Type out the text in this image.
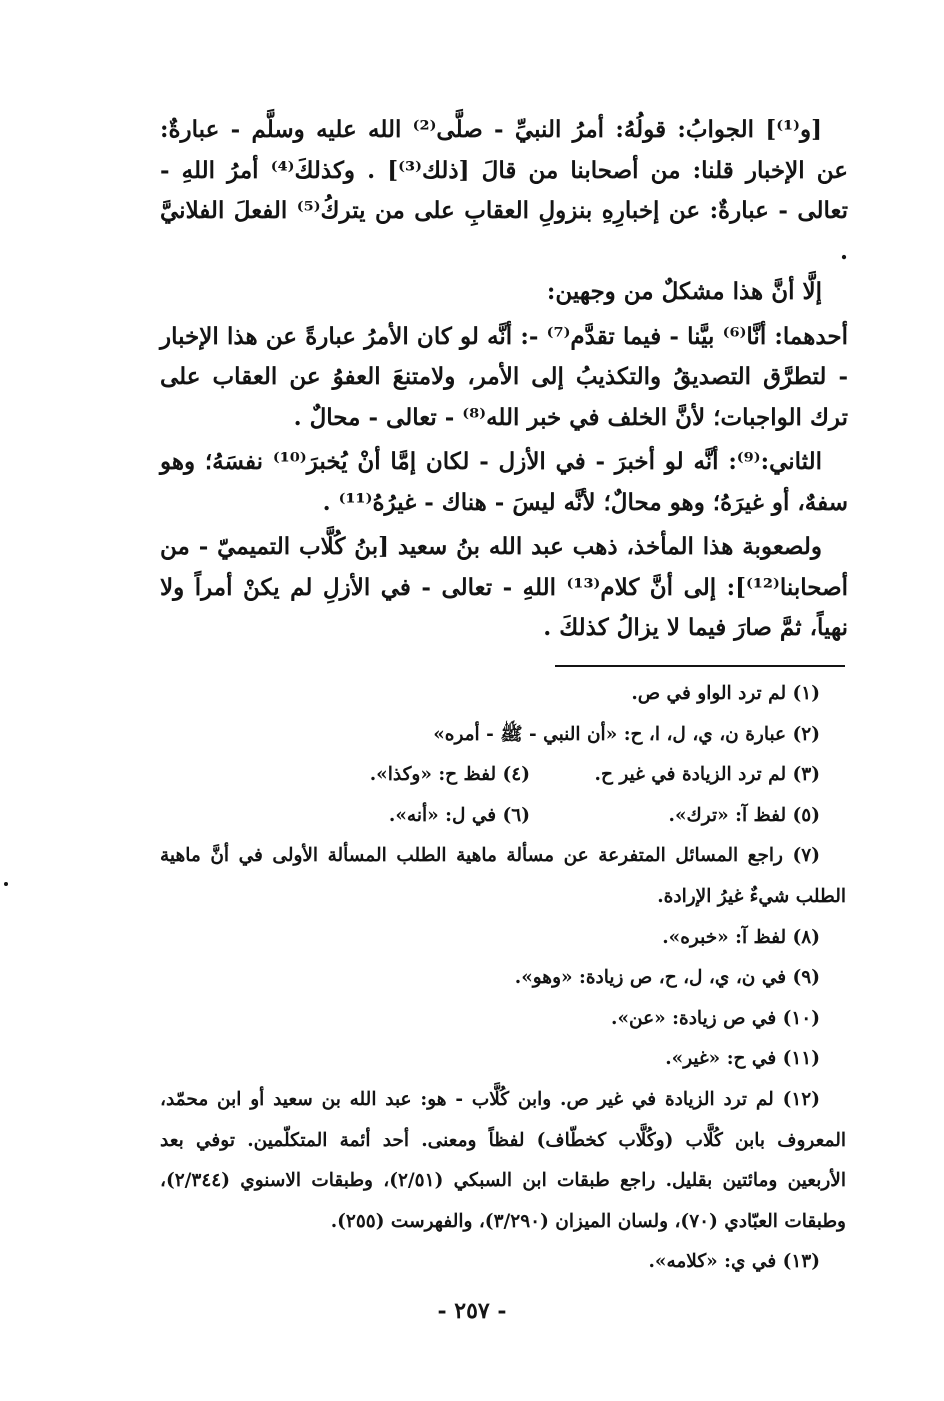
[و⁽¹⁾] الجوابُ: قولُهُ: أمرُ النبيِّ - صلَّى⁽²⁾ الله عليه وسلَّم - عبارةٌ: عن الإخبار قلنا: من أصحابنا من قالَ [ذلك⁽³⁾] . وكذلكَ⁽⁴⁾ أمرُ اللهِ - تعالى - عبارةٌ: عن إخبارِهِ بنزولِ العقابِ على من يتركُ⁽⁵⁾ الفعلَ الفلانيَّ .

إلَّا أنَّ هذا مشكلٌ من وجهين:

أحدهما: أنَّا⁽⁶⁾ بيَّنا - فيما تقدَّم⁽⁷⁾ -: أنَّه لو كان الأمرُ عبارةً عن هذا الإخبار - لتطرَّق التصديقُ والتكذيبُ إلى الأمر، ولامتنعَ العفوُ عن العقاب على ترك الواجبات؛ لأنَّ الخلف في خبر الله⁽⁸⁾ - تعالى - محالٌ .

الثاني:⁽⁹⁾: أنَّه لو أخبرَ - في الأزل - لكان إمَّا أنْ يُخبرَ⁽¹⁰⁾ نفسَهُ؛ وهو سفهٌ، أو غيرَهُ؛ وهو محالٌ؛ لأنَّه ليسَ - هناك - غيرُهُ⁽¹¹⁾ .

ولصعوبة هذا المأخذ، ذهب عبد الله بنُ سعيد [بنُ كُلَّاب التميميّ - من أصحابنا⁽¹²⁾]: إلى أنَّ كلام⁽¹³⁾ اللهِ - تعالى - في الأزلِ لم يكنْ أمراً ولا نهياً، ثمَّ صارَ فيما لا يزالُ كذلكَ .

(١) لم ترد الواو في ص.

(٢) عبارة ن، ي، ل، ا، ح: «أن النبي - ﷺ - أمره»

(٣) لم ترد الزيادة في غير ح.
(٤) لفظ ح: «وكذا».
(٥) لفظ آ: «ترك».
(٦) في ل: «أنه».

(٧) راجع المسائل المتفرعة عن مسألة ماهية الطلب المسألة الأولى في أنَّ ماهية الطلب شيءٌ غيرُ الإرادة.

(٨) لفظ آ: «خبره».

(٩) في ن، ي، ل، ح، ص زيادة: «وهو».

(١٠) في ص زيادة: «عن».

(١١) في ح: «غير».

(١٢) لم ترد الزيادة في غير ص. وابن كُلَّاب - هو: عبد الله بن سعيد أو ابن محمّد، المعروف بابن كُلَّاب (وكُلَّاب كخطّاف) لفظاً ومعنى. أحد أئمة المتكلّمين. توفي بعد الأربعين ومائتين بقليل. راجع طبقات ابن السبكي (٢/٥١)، وطبقات الاسنوي (٢/٣٤٤)، وطبقات العبّادي (٧٠)، ولسان الميزان (٣/٢٩٠)، والفهرست (٢٥٥).

(١٣) في ي: «كلامه».

- ٢٥٧ -
